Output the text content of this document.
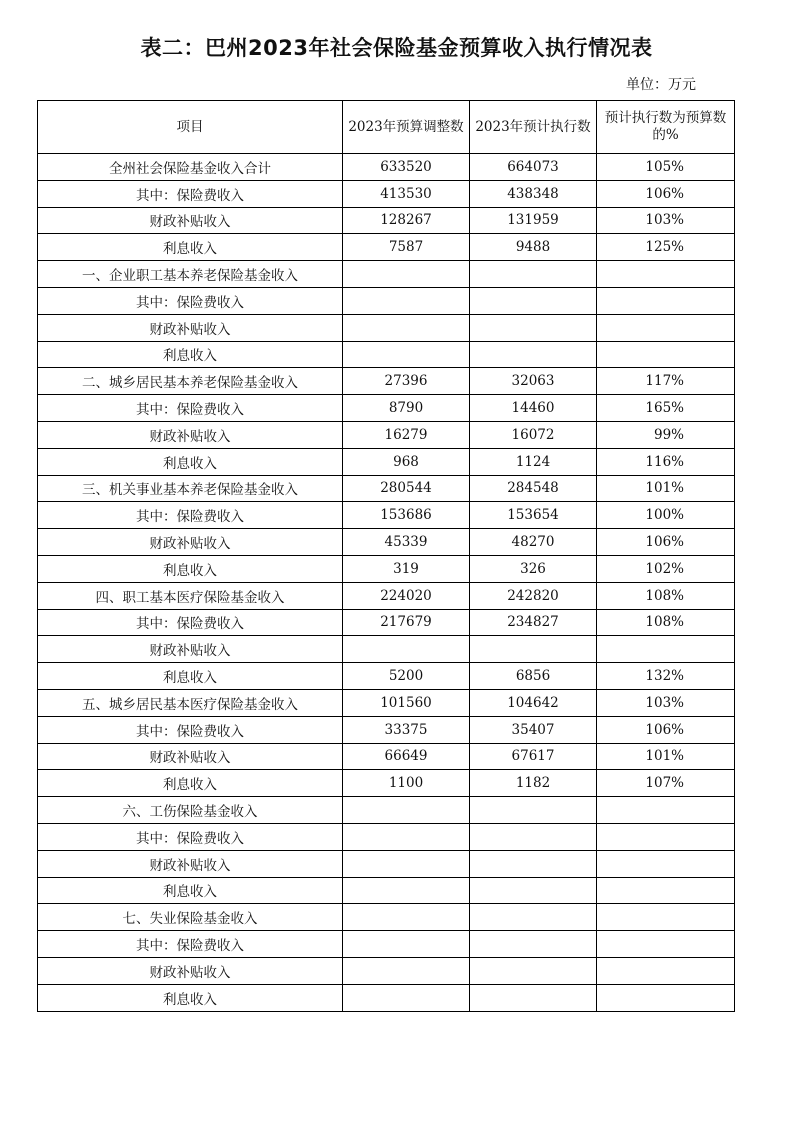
表二：巴州2023年社会保险基金预算收入执行情况表
单位：万元
项目	2023年预算调整数	2023年预计执行数	预计执行数为预算数的%
全州社会保险基金收入合计	633520	664073	105%
其中：保险费收入	413530	438348	106%
财政补贴收入	128267	131959	103%
利息收入	7587	9488	125%
一、企业职工基本养老保险基金收入			
其中：保险费收入			
财政补贴收入			
利息收入			
二、城乡居民基本养老保险基金收入	27396	32063	117%
其中：保险费收入	8790	14460	165%
财政补贴收入	16279	16072	99%
利息收入	968	1124	116%
三、机关事业基本养老保险基金收入	280544	284548	101%
其中：保险费收入	153686	153654	100%
财政补贴收入	45339	48270	106%
利息收入	319	326	102%
四、职工基本医疗保险基金收入	224020	242820	108%
其中：保险费收入	217679	234827	108%
财政补贴收入			
利息收入	5200	6856	132%
五、城乡居民基本医疗保险基金收入	101560	104642	103%
其中：保险费收入	33375	35407	106%
财政补贴收入	66649	67617	101%
利息收入	1100	1182	107%
六、工伤保险基金收入			
其中：保险费收入			
财政补贴收入			
利息收入			
七、失业保险基金收入			
其中：保险费收入			
财政补贴收入			
利息收入			
